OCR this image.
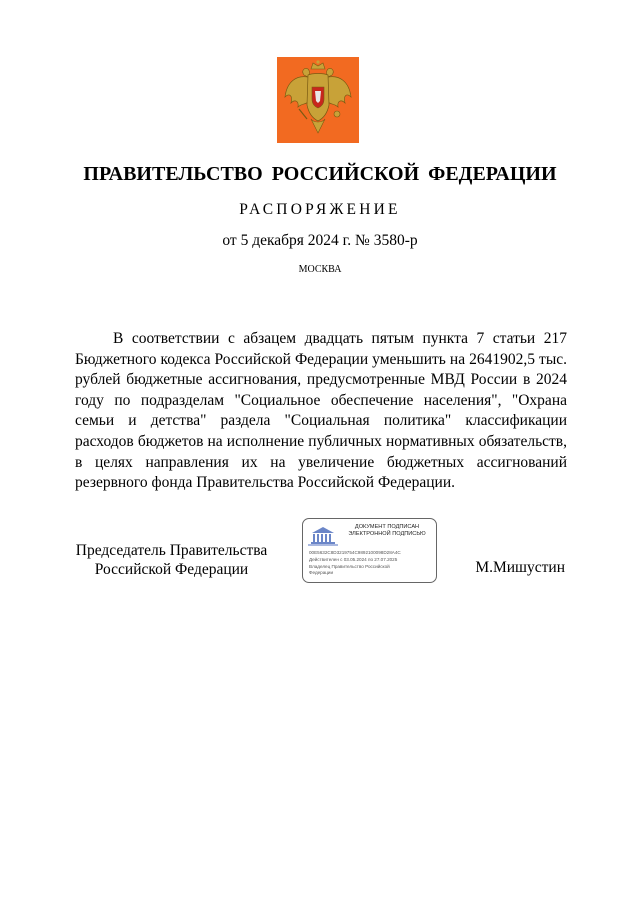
ПРАВИТЕЛЬСТВО РОССИЙСКОЙ ФЕДЕРАЦИИ
РАСПОРЯЖЕНИЕ
от 5 декабря 2024 г. № 3580-р
МОСКВА

В соответствии с абзацем двадцать пятым пункта 7 статьи 217 Бюджетного кодекса Российской Федерации уменьшить на 2641902,5 тыс. рублей бюджетные ассигнования, предусмотренные МВД России в 2024 году по подразделам "Социальное обеспечение населения", "Охрана семьи и детства" раздела "Социальная политика" классификации расходов бюджетов на исполнение публичных нормативных обязательств, в целях направления их на увеличение бюджетных ассигнований резервного фонда Правительства Российской Федерации.

Председатель Правительства
Российской Федерации
ДОКУМЕНТ ПОДПИСАН
ЭЛЕКТРОННОЙ ПОДПИСЬЮ
00E5632C8D3219754C9892100098D28A4C
Действителен с 03.05.2024 по 27.07.2025
Владелец Правительство Российской
Федерации	М.Мишустин
